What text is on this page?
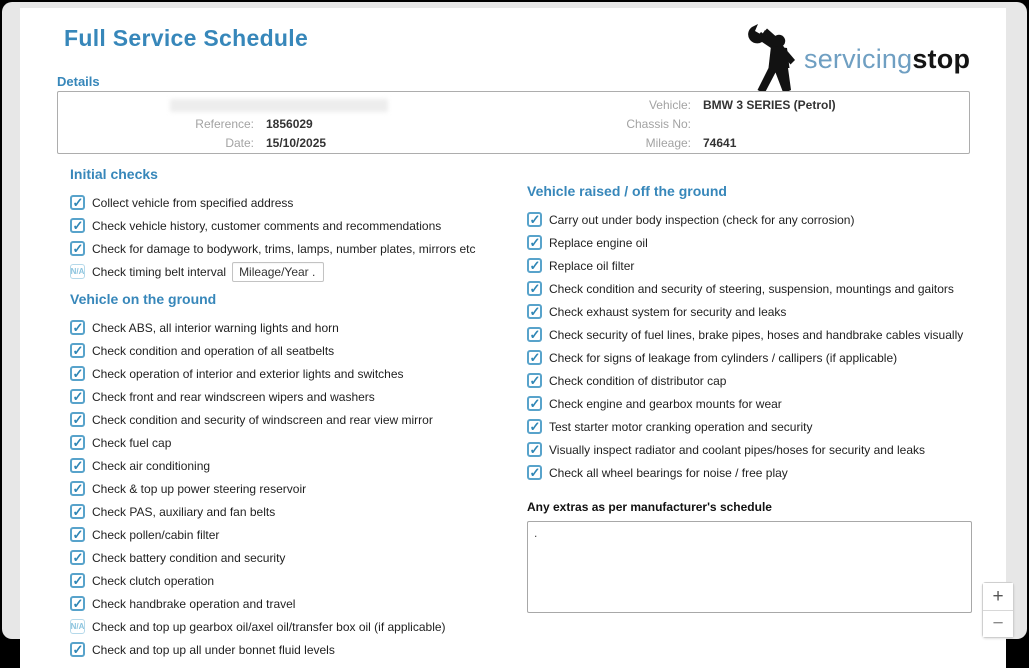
Full Service Schedule
servicingstop
Details
Reference: 1856029
Date: 15/10/2025
Vehicle: BMW 3 SERIES (Petrol)
Chassis No:
Mileage: 74641
Initial checks
✓ Collect vehicle from specified address
✓ Check vehicle history, customer comments and recommendations
✓ Check for damage to bodywork, trims, lamps, number plates, mirrors etc
N/A Check timing belt interval	Mileage/Year .
Vehicle on the ground
✓ Check ABS, all interior warning lights and horn
✓ Check condition and operation of all seatbelts
✓ Check operation of interior and exterior lights and switches
✓ Check front and rear windscreen wipers and washers
✓ Check condition and security of windscreen and rear view mirror
✓ Check fuel cap
✓ Check air conditioning
✓ Check & top up power steering reservoir
✓ Check PAS, auxiliary and fan belts
✓ Check pollen/cabin filter
✓ Check battery condition and security
✓ Check clutch operation
✓ Check handbrake operation and travel
N/A Check and top up gearbox oil/axel oil/transfer box oil (if applicable)
✓ Check and top up all under bonnet fluid levels
Vehicle raised / off the ground
✓ Carry out under body inspection (check for any corrosion)
✓ Replace engine oil
✓ Replace oil filter
✓ Check condition and security of steering, suspension, mountings and gaitors
✓ Check exhaust system for security and leaks
✓ Check security of fuel lines, brake pipes, hoses and handbrake cables visually
✓ Check for signs of leakage from cylinders / callipers (if applicable)
✓ Check condition of distributor cap
✓ Check engine and gearbox mounts for wear
✓ Test starter motor cranking operation and security
✓ Visually inspect radiator and coolant pipes/hoses for security and leaks
✓ Check all wheel bearings for noise / free play
Any extras as per manufacturer's schedule
.
+
−
